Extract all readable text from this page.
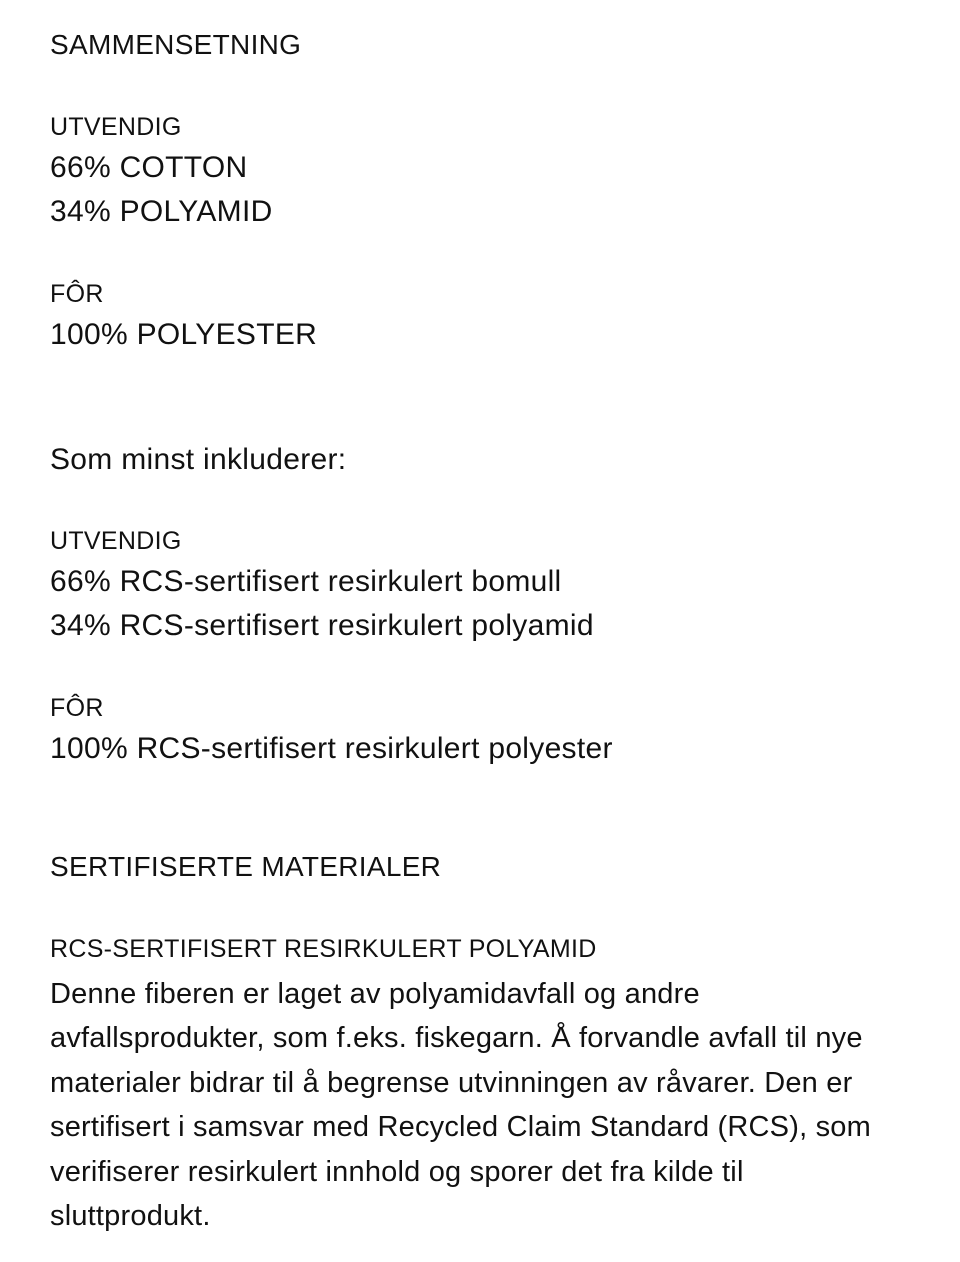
SAMMENSETNING
UTVENDIG
66% COTTON
34% POLYAMID
FÔR
100% POLYESTER
Som minst inkluderer:
UTVENDIG
66% RCS-sertifisert resirkulert bomull
34% RCS-sertifisert resirkulert polyamid
FÔR
100% RCS-sertifisert resirkulert polyester
SERTIFISERTE MATERIALER
RCS-SERTIFISERT RESIRKULERT POLYAMID
Denne fiberen er laget av polyamidavfall og andre avfallsprodukter, som f.eks. fiskegarn. Å forvandle avfall til nye materialer bidrar til å begrense utvinningen av råvarer. Den er sertifisert i samsvar med Recycled Claim Standard (RCS), som verifiserer resirkulert innhold og sporer det fra kilde til sluttprodukt.
